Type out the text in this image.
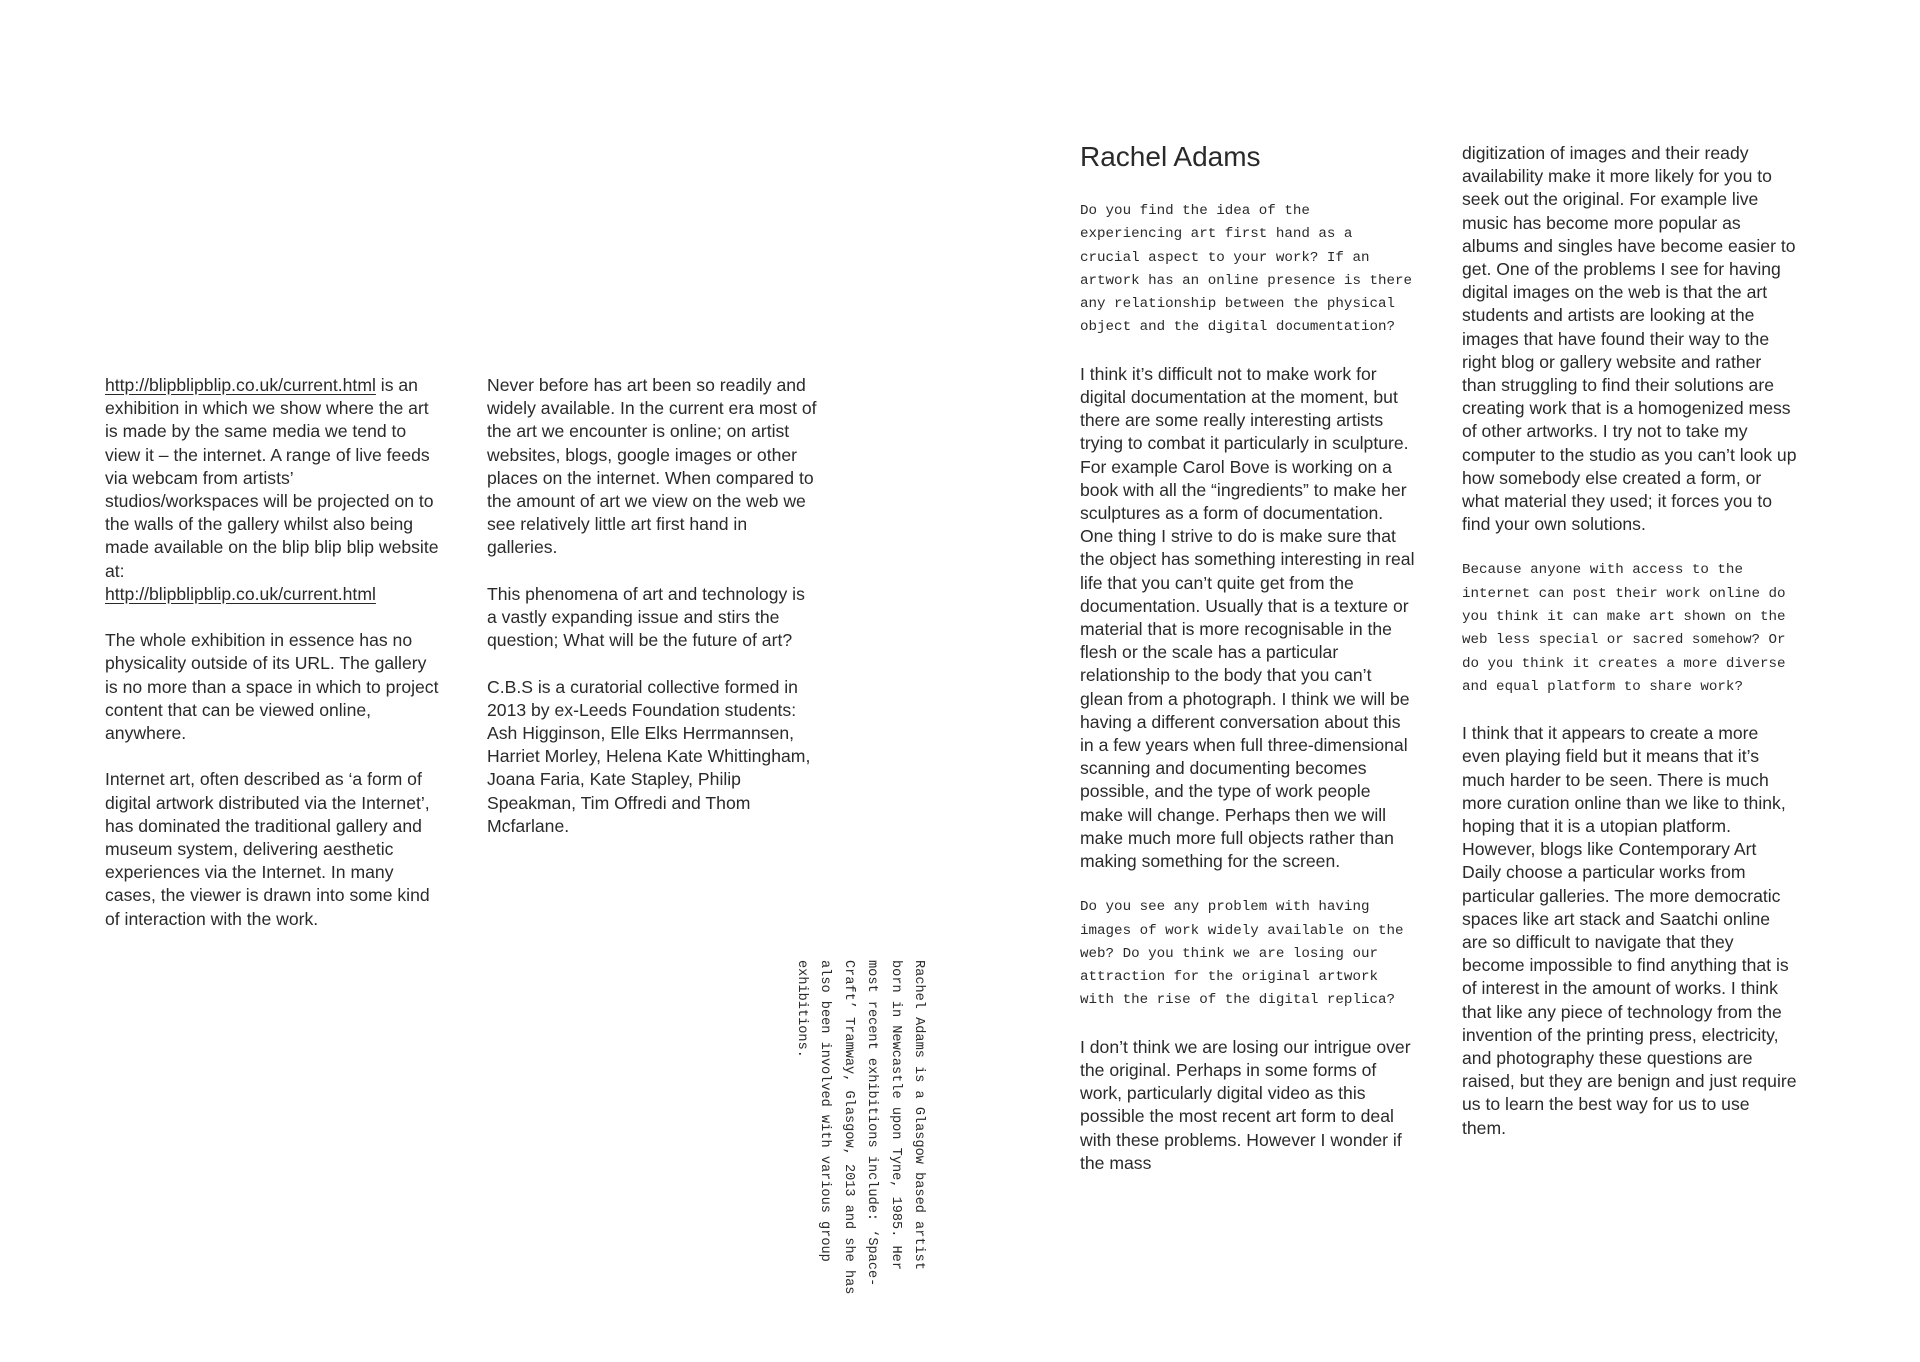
http://blipblipblip.co.uk/current.html is an exhibition in which we show where the art is made by the same media we tend to view it – the internet. A range of live feeds via webcam from artists’ studios/workspaces will be projected on to the walls of the gallery whilst also being made available on the blip blip blip website at:
http://blipblipblip.co.uk/current.html

The whole exhibition in essence has no physicality outside of its URL. The gallery is no more than a space in which to project content that can be viewed online, anywhere.

Internet art, often described as ‘a form of digital artwork distributed via the Internet’, has dominated the traditional gallery and museum system, delivering aesthetic experiences via the Internet. In many cases, the viewer is drawn into some kind of interaction with the work.

Never before has art been so readily and widely available. In the current era most of the art we encounter is online; on artist websites, blogs, google images or other places on the internet. When compared to the amount of art we view on the web we see relatively little art first hand in galleries.

This phenomena of art and technology is a vastly expanding issue and stirs the question; What will be the future of art?

C.B.S is a curatorial collective formed in 2013 by ex-Leeds Foundation students: Ash Higginson, Elle Elks Herrmannsen, Harriet Morley, Helena Kate Whittingham, Joana Faria, Kate Stapley, Philip Speakman, Tim Offredi and Thom Mcfarlane.

Rachel Adams is a Glasgow based artist born in Newcastle upon Tyne, 1985. Her most recent exhibitions include: ‘Space-Craft’ Tramway, Glasgow, 2013 and she has also been involved with various group exhibitions.
Rachel Adams

Do you find the idea of the experiencing art first hand as a crucial aspect to your work? If an artwork has an online presence is there any relationship between the physical object and the digital documentation?

I think it’s difficult not to make work for digital documentation at the moment, but there are some really interesting artists trying to combat it particularly in sculpture. For example Carol Bove is working on a book with all the “ingredients” to make her sculptures as a form of documentation. One thing I strive to do is make sure that the object has something interesting in real life that you can’t quite get from the documentation. Usually that is a texture or material that is more recognisable in the flesh or the scale has a particular relationship to the body that you can’t glean from a photograph. I think we will be having a different conversation about this in a few years when full three-dimensional scanning and documenting becomes possible, and the type of work people make will change. Perhaps then we will make much more full objects rather than making something for the screen.

Do you see any problem with having images of work widely available on the web? Do you think we are losing our attraction for the original artwork with the rise of the digital replica?

I don’t think we are losing our intrigue over the original. Perhaps in some forms of work, particularly digital video as this possible the most recent art form to deal with these problems. However I wonder if the mass

digitization of images and their ready availability make it more likely for you to seek out the original. For example live music has become more popular as albums and singles have become easier to get. One of the problems I see for having digital images on the web is that the art students and artists are looking at the images that have found their way to the right blog or gallery website and rather than struggling to find their solutions are creating work that is a homogenized mess of other artworks. I try not to take my computer to the studio as you can’t look up how somebody else created a form, or what material they used; it forces you to find your own solutions.

Because anyone with access to the internet can post their work online do you think it can make art shown on the web less special or sacred somehow? Or do you think it creates a more diverse and equal platform to share work?

I think that it appears to create a more even playing field but it means that it’s much harder to be seen. There is much more curation online than we like to think, hoping that it is a utopian platform. However, blogs like Contemporary Art Daily choose a particular works from particular galleries. The more democratic spaces like art stack and Saatchi online are so difficult to navigate that they become impossible to find anything that is of interest in the amount of works. I think that like any piece of technology from the invention of the printing press, electricity, and photography these questions are raised, but they are benign and just require us to learn the best way for us to use them.
